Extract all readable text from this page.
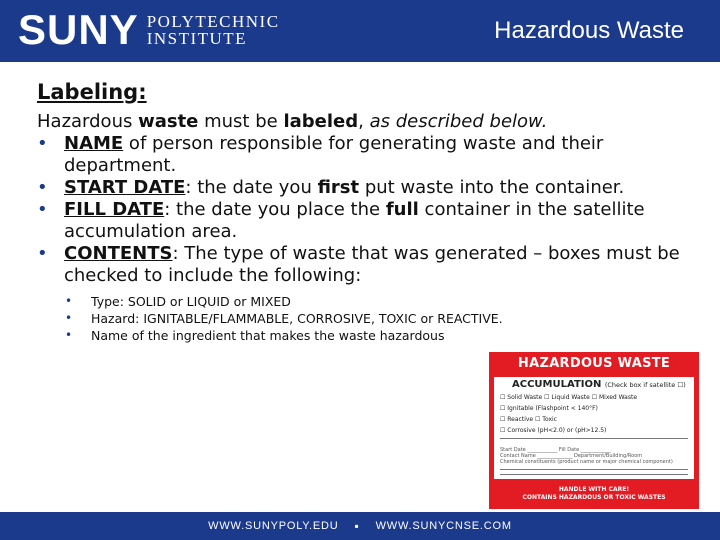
SUNY POLYTECHNIC
INSTITUTE	Hazardous Waste
Labeling:
Hazardous waste must be labeled, as described below.
• NAME of person responsible for generating waste and their department.
• START DATE: the date you first put waste into the container.
• FILL DATE: the date you place the full container in the satellite accumulation area.
• CONTENTS: The type of waste that was generated – boxes must be checked to include the following:
• Type: SOLID or LIQUID or MIXED
• Hazard: IGNITABLE/FLAMMABLE, CORROSIVE, TOXIC or REACTIVE.
• Name of the ingredient that makes the waste hazardous
HAZARDOUS WASTE
ACCUMULATION (Check box if satellite ☐)
☐ Solid Waste ☐ Liquid Waste ☐ Mixed Waste
☐ Ignitable (Flashpoint < 140°F)
☐ Reactive ☐ Toxic
☐ Corrosive (pH<2.0) or (pH>12.5)
Start Date ____________ Fill Date ____________
Contact Name ______________ Department/Building/Room
Chemical constituents (product name or major chemical component)
HANDLE WITH CARE!
CONTAINS HAZARDOUS OR TOXIC WASTES
WWW.SUNYPOLY.EDU ▪ WWW.SUNYCNSE.COM
